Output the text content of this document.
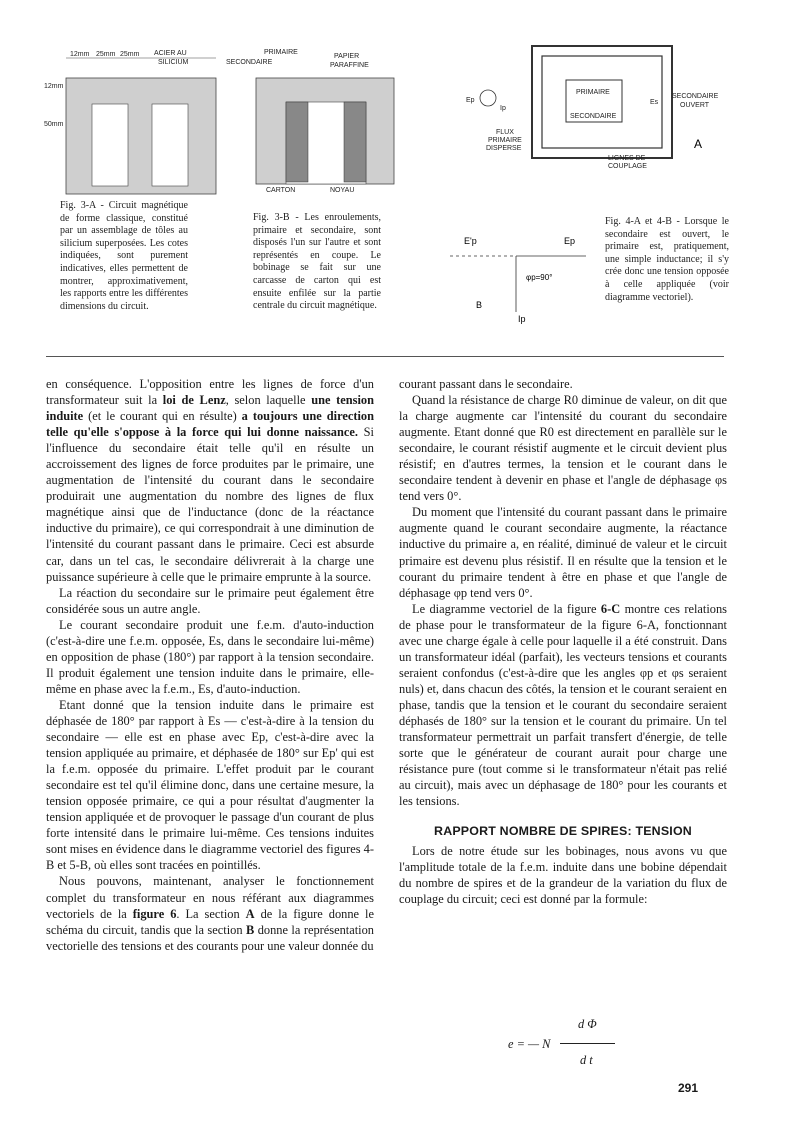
12mm 25mm 25mm ACIER AU
SILICIUM
12mm
50mm
PRIMAIRE
SECONDAIRE
PAPIER
PARAFFINE
CARTON	NOYAU
Ep
Ip
PRIMAIRE
SECONDAIRE
Es
SECONDAIRE
OUVERT
FLUX
PRIMAIRE
DISPERSE
LIGNES DE
COUPLAGE
A
E'p	Ep
φp=90°
B
Ip
Fig. 3-A - Circuit magnétique de forme classique, constitué par un assemblage de tôles au silicium superposées. Les cotes indiquées, sont purement indicatives, elles permettent de montrer, approximativement, les rapports entre les différentes dimensions du circuit.
Fig. 3-B - Les enroulements, primaire et secondaire, sont disposés l'un sur l'autre et sont représentés en coupe. Le bobinage se fait sur une carcasse de carton qui est ensuite enfilée sur la partie centrale du circuit magnétique.
Fig. 4-A et 4-B - Lorsque le secondaire est ouvert, le primaire est, pratiquement, une simple inductance; il s'y crée donc une tension opposée à celle appliquée (voir diagramme vectoriel).

en conséquence. L'opposition entre les lignes de force d'un transformateur suit la loi de Lenz, selon laquelle une tension induite (et le courant qui en résulte) a toujours une direction telle qu'elle s'oppose à la force qui lui donne naissance. Si l'influence du secondaire était telle qu'il en résulte un accroissement des lignes de force produites par le primaire, une augmentation de l'intensité du courant dans le secondaire produirait une augmentation du nombre des lignes de flux magnétique ainsi que de l'inductance (donc de la réactance inductive du primaire), ce qui correspondrait à une diminution de l'intensité du courant passant dans le primaire. Ceci est absurde car, dans un tel cas, le secondaire délivrerait à la charge une puissance supérieure à celle que le primaire emprunte à la source.

La réaction du secondaire sur le primaire peut également être considérée sous un autre angle.

Le courant secondaire produit une f.e.m. d'auto-induction (c'est-à-dire une f.e.m. opposée, Es, dans le secondaire lui-même) en opposition de phase (180°) par rapport à la tension secondaire. Il produit également une tension induite dans le primaire, elle-même en phase avec la f.e.m., Es, d'auto-induction.

Etant donné que la tension induite dans le primaire est déphasée de 180° par rapport à Es — c'est-à-dire à la tension du secondaire — elle est en phase avec Ep, c'est-à-dire avec la tension appliquée au primaire, et déphasée de 180° sur Ep' qui est la f.e.m. opposée du primaire. L'effet produit par le courant secondaire est tel qu'il élimine donc, dans une certaine mesure, la tension opposée primaire, ce qui a pour résultat d'augmenter la tension appliquée et de provoquer le passage d'un courant de plus forte intensité dans le primaire lui-même. Ces tensions induites sont mises en évidence dans le diagramme vectoriel des figures 4-B et 5-B, où elles sont tracées en pointillés.

Nous pouvons, maintenant, analyser le fonctionnement complet du transformateur en nous référant aux diagrammes vectoriels de la figure 6. La section A de la figure donne le schéma du circuit, tandis que la section B donne la représentation vectorielle des tensions et des courants pour une valeur donnée du

courant passant dans le secondaire.

Quand la résistance de charge R0 diminue de valeur, on dit que la charge augmente car l'intensité du courant du secondaire augmente. Etant donné que R0 est directement en parallèle sur le secondaire, le courant résistif augmente et le circuit devient plus résistif; en d'autres termes, la tension et le courant dans le secondaire tendent à devenir en phase et l'angle de déphasage φs tend vers 0°.

Du moment que l'intensité du courant passant dans le primaire augmente quand le courant secondaire augmente, la réactance inductive du primaire a, en réalité, diminué de valeur et le circuit primaire est devenu plus résistif. Il en résulte que la tension et le courant du primaire tendent à être en phase et que l'angle de déphasage φp tend vers 0°.

Le diagramme vectoriel de la figure 6-C montre ces relations de phase pour le transformateur de la figure 6-A, fonctionnant avec une charge égale à celle pour laquelle il a été construit. Dans un transformateur idéal (parfait), les vecteurs tensions et courants seraient confondus (c'est-à-dire que les angles φp et φs seraient nuls) et, dans chacun des côtés, la tension et le courant seraient en phase, tandis que la tension et le courant du secondaire seraient déphasés de 180° sur la tension et le courant du primaire. Un tel transformateur permettrait un parfait transfert d'énergie, de telle sorte que le générateur de courant aurait pour charge une résistance pure (tout comme si le transformateur n'était pas relié au circuit), mais avec un déphasage de 180° pour les courants et les tensions.

RAPPORT NOMBRE DE SPIRES: TENSION

Lors de notre étude sur les bobinages, nous avons vu que l'amplitude totale de la f.e.m. induite dans une bobine dépendait du nombre de spires et de la grandeur de la variation du flux de couplage du circuit; ceci est donné par la formule:

e = — N
d Φ
d t
291
